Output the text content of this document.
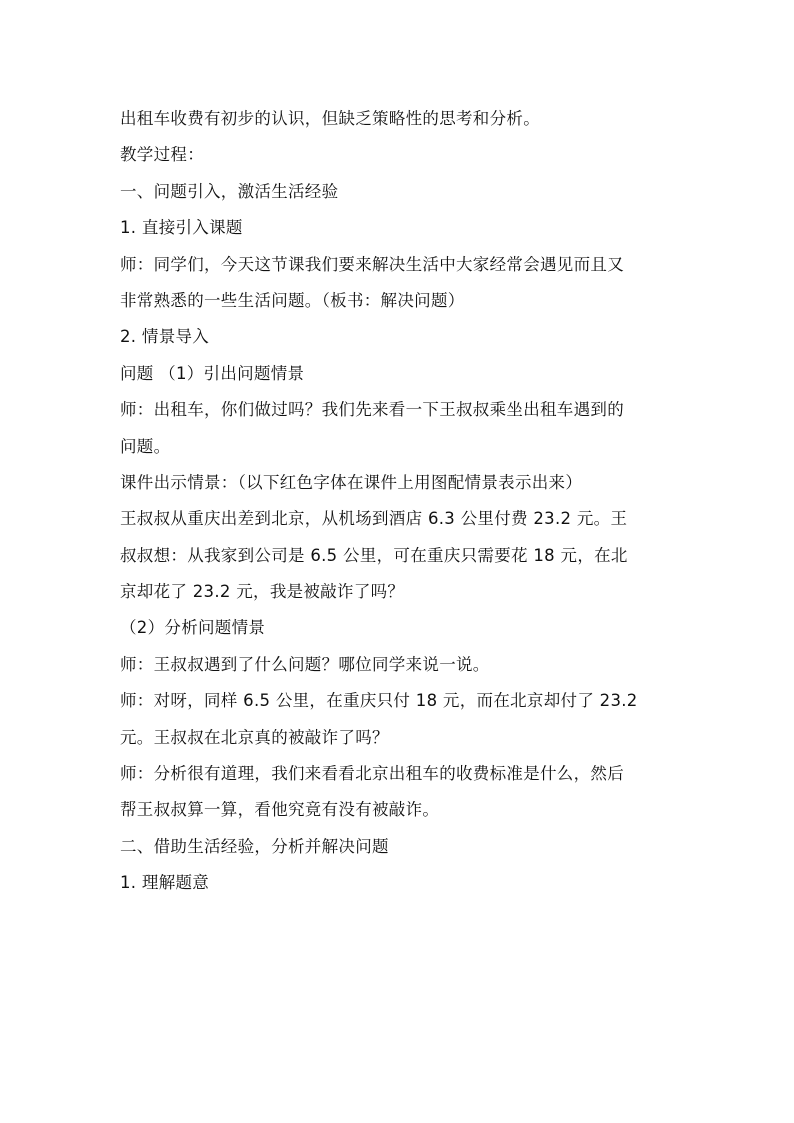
出租车收费有初步的认识，但缺乏策略性的思考和分析。
教学过程：
一、问题引入，激活生活经验
1. 直接引入课题
师：同学们，今天这节课我们要来解决生活中大家经常会遇见而且又
非常熟悉的一些生活问题。（板书：解决问题）
2. 情景导入
问题 （1）引出问题情景
师：出租车，你们做过吗？我们先来看一下王叔叔乘坐出租车遇到的
问题。
课件出示情景：（以下红色字体在课件上用图配情景表示出来）
王叔叔从重庆出差到北京，从机场到酒店 6.3 公里付费 23.2 元。王
叔叔想：从我家到公司是 6.5 公里，可在重庆只需要花 18 元，在北
京却花了 23.2 元，我是被敲诈了吗？
（2）分析问题情景
师：王叔叔遇到了什么问题？哪位同学来说一说。
师：对呀，同样 6.5 公里，在重庆只付 18 元，而在北京却付了 23.2
元。王叔叔在北京真的被敲诈了吗？
师：分析很有道理，我们来看看北京出租车的收费标准是什么，然后
帮王叔叔算一算，看他究竟有没有被敲诈。
二、借助生活经验，分析并解决问题
1. 理解题意
